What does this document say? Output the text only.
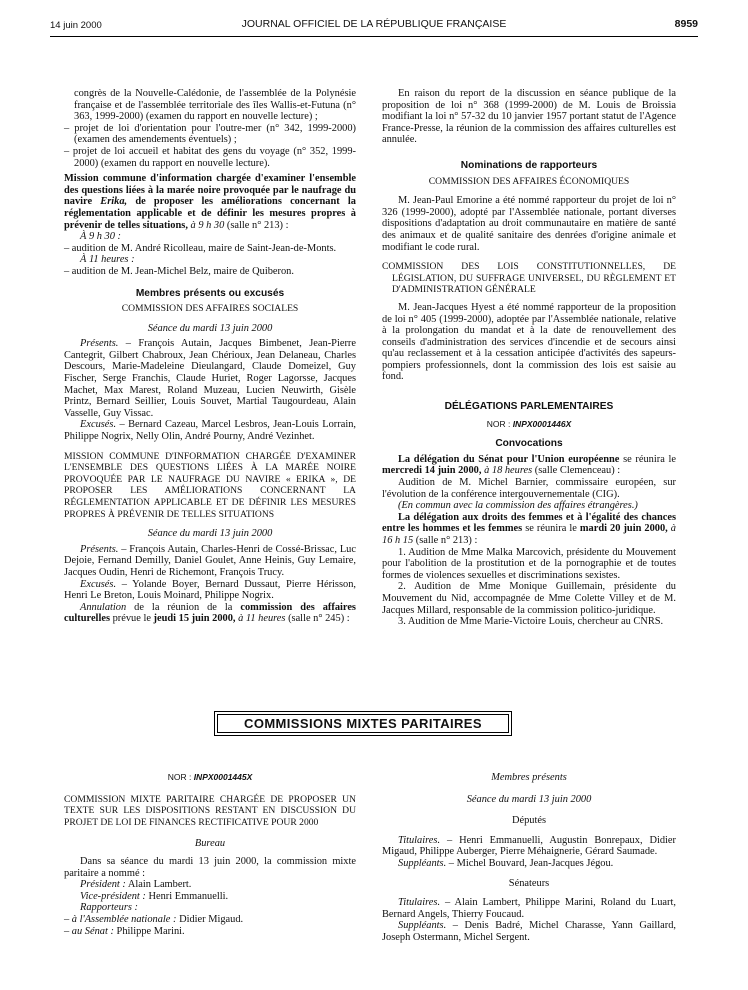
14 juin 2000	JOURNAL OFFICIEL DE LA RÉPUBLIQUE FRANÇAISE	8959

congrès de la Nouvelle-Calédonie, de l'assemblée de la Polynésie française et de l'assemblée territoriale des îles Wallis-et-Futuna (n° 363, 1999-2000) (examen du rapport en nouvelle lecture) ;

– projet de loi d'orientation pour l'outre-mer (n° 342, 1999-2000) (examen des amendements éventuels) ;

– projet de loi accueil et habitat des gens du voyage (n° 352, 1999-2000) (examen du rapport en nouvelle lecture).

Mission commune d'information chargée d'examiner l'ensemble des questions liées à la marée noire provoquée par le naufrage du navire Erika, de proposer les améliorations concernant la réglementation applicable et de définir les mesures propres à prévenir de telles situations, à 9 h 30 (salle n° 213) :

À 9 h 30 :

– audition de M. André Ricolleau, maire de Saint-Jean-de-Monts.

À 11 heures :

– audition de M. Jean-Michel Belz, maire de Quiberon.

Membres présents ou excusés

COMMISSION DES AFFAIRES SOCIALES

Séance du mardi 13 juin 2000

Présents. – François Autain, Jacques Bimbenet, Jean-Pierre Cantegrit, Gilbert Chabroux, Jean Chérioux, Jean Delaneau, Charles Descours, Marie-Madeleine Dieulangard, Claude Domeizel, Guy Fischer, Serge Franchis, Claude Huriet, Roger Lagorsse, Jacques Machet, Max Marest, Roland Muzeau, Lucien Neuwirth, Gisèle Printz, Bernard Seillier, Louis Souvet, Martial Taugourdeau, Alain Vasselle, Guy Vissac.

Excusés. – Bernard Cazeau, Marcel Lesbros, Jean-Louis Lorrain, Philippe Nogrix, Nelly Olin, André Pourny, André Vezinhet.

MISSION COMMUNE D'INFORMATION CHARGÉE D'EXAMINER L'ENSEMBLE DES QUESTIONS LIÉES À LA MARÉE NOIRE PROVOQUÉE PAR LE NAUFRAGE DU NAVIRE « ERIKA », DE PROPOSER LES AMÉLIORATIONS CONCERNANT LA RÉGLEMENTATION APPLICABLE ET DE DÉFINIR LES MESURES PROPRES À PRÉVENIR DE TELLES SITUATIONS

Séance du mardi 13 juin 2000

Présents. – François Autain, Charles-Henri de Cossé-Brissac, Luc Dejoie, Fernand Demilly, Daniel Goulet, Anne Heinis, Guy Lemaire, Jacques Oudin, Henri de Richemont, François Trucy.

Excusés. – Yolande Boyer, Bernard Dussaut, Pierre Hérisson, Henri Le Breton, Louis Moinard, Philippe Nogrix.

Annulation de la réunion de la commission des affaires culturelles prévue le jeudi 15 juin 2000, à 11 heures (salle n° 245) :

En raison du report de la discussion en séance publique de la proposition de loi n° 368 (1999-2000) de M. Louis de Broissia modifiant la loi n° 57-32 du 10 janvier 1957 portant statut de l'Agence France-Presse, la réunion de la commission des affaires culturelles est annulée.

Nominations de rapporteurs

COMMISSION DES AFFAIRES ÉCONOMIQUES

M. Jean-Paul Emorine a été nommé rapporteur du projet de loi n° 326 (1999-2000), adopté par l'Assemblée nationale, portant diverses dispositions d'adaptation au droit communautaire en matière de santé des animaux et de qualité sanitaire des denrées d'origine animale et modifiant le code rural.

COMMISSION DES LOIS CONSTITUTIONNELLES, DE LÉGISLATION, DU SUFFRAGE UNIVERSEL, DU RÈGLEMENT ET D'ADMINISTRATION GÉNÉRALE

M. Jean-Jacques Hyest a été nommé rapporteur de la proposition de loi n° 405 (1999-2000), adoptée par l'Assemblée nationale, relative à la prolongation du mandat et à la date de renouvellement des conseils d'administration des services d'incendie et de secours ainsi qu'au reclassement et à la cessation anticipée d'activités des sapeurs-pompiers professionnels, dont la commission des lois est saisie au fond.

DÉLÉGATIONS PARLEMENTAIRES

NOR : INPX0001446X

Convocations

La délégation du Sénat pour l'Union européenne se réunira le mercredi 14 juin 2000, à 18 heures (salle Clemenceau) :

Audition de M. Michel Barnier, commissaire européen, sur l'évolution de la conférence intergouvernementale (CIG).

(En commun avec la commission des affaires étrangères.)

La délégation aux droits des femmes et à l'égalité des chances entre les hommes et les femmes se réunira le mardi 20 juin 2000, à 16 h 15 (salle n° 213) :

1. Audition de Mme Malka Marcovich, présidente du Mouvement pour l'abolition de la prostitution et de la pornographie et de toutes formes de violences sexuelles et discriminations sexistes.

2. Audition de Mme Monique Guillemain, présidente du Mouvement du Nid, accompagnée de Mme Colette Villey et de M. Jacques Millard, responsable de la commission politico-juridique.

3. Audition de Mme Marie-Victoire Louis, chercheur au CNRS.

COMMISSIONS MIXTES PARITAIRES

NOR : INPX0001445X

COMMISSION MIXTE PARITAIRE CHARGÉE DE PROPOSER UN TEXTE SUR LES DISPOSITIONS RESTANT EN DISCUSSION DU PROJET DE LOI DE FINANCES RECTIFICATIVE POUR 2000

Bureau

Dans sa séance du mardi 13 juin 2000, la commission mixte paritaire a nommé :

Président : Alain Lambert.

Vice-président : Henri Emmanuelli.

Rapporteurs :

– à l'Assemblée nationale : Didier Migaud.

– au Sénat : Philippe Marini.

Membres présents

Séance du mardi 13 juin 2000

Députés

Titulaires. – Henri Emmanuelli, Augustin Bonrepaux, Didier Migaud, Philippe Auberger, Pierre Méhaignerie, Gérard Saumade.

Suppléants. – Michel Bouvard, Jean-Jacques Jégou.

Sénateurs

Titulaires. – Alain Lambert, Philippe Marini, Roland du Luart, Bernard Angels, Thierry Foucaud.

Suppléants. – Denis Badré, Michel Charasse, Yann Gaillard, Joseph Ostermann, Michel Sergent.
